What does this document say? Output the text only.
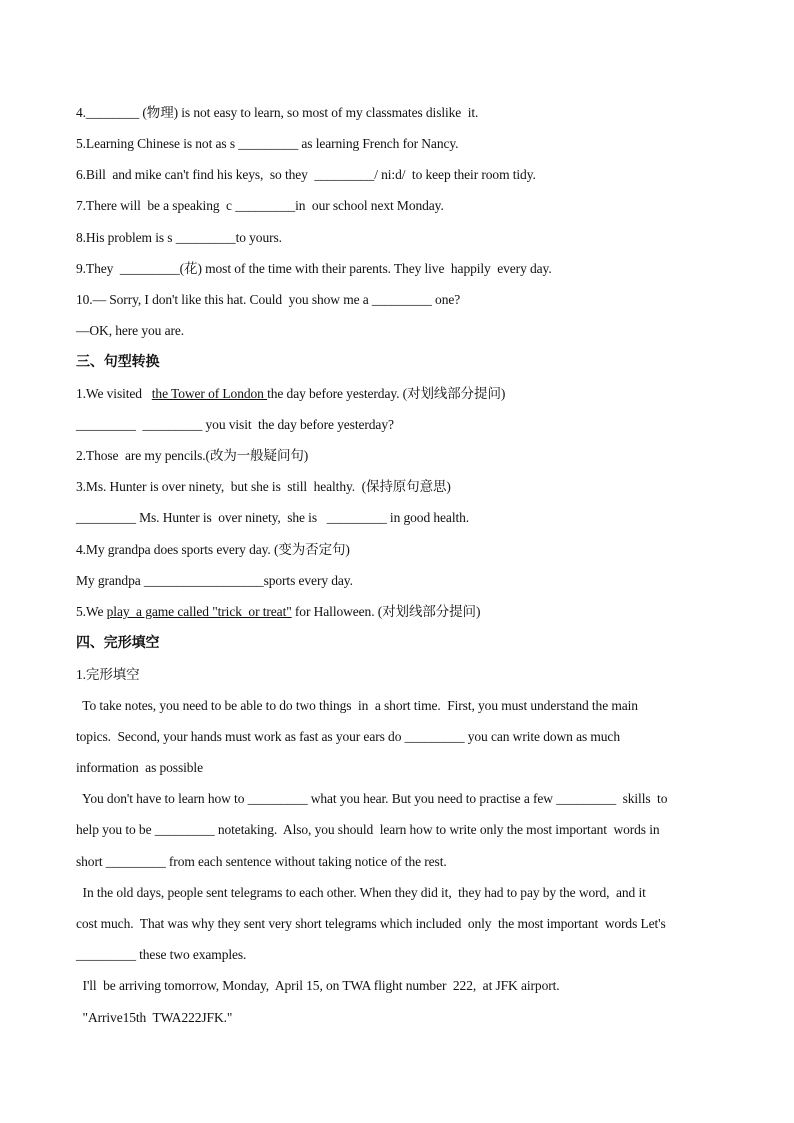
4.________ (物理) is not easy to learn, so most of my classmates dislike  it.
5.Learning Chinese is not as s _________ as learning French for Nancy.
6.Bill  and mike can't find his keys,  so they  _________/ ni:d/  to keep their room tidy.
7.There will  be a speaking  c _________in  our school next Monday.
8.His problem is s _________to yours.
9.They  _________(花) most of the time with their parents. They live  happily  every day.
10.— Sorry, I don't like this hat. Could  you show me a _________ one?
—OK, here you are.
三、句型转换
1.We visited   the Tower of London the day before yesterday. (对划线部分提问)
_________  _________ you visit  the day before yesterday?
2.Those  are my pencils.(改为一般疑问句)
3.Ms. Hunter is over ninety,  but she is  still  healthy.  (保持原句意思)
_________ Ms. Hunter is  over ninety,  she is   _________ in good health.
4.My grandpa does sports every day. (变为否定句)
My grandpa __________________sports every day.
5.We play  a game called "trick  or treat" for Halloween. (对划线部分提问)
四、完形填空
1.完形填空
To take notes, you need to be able to do two things  in  a short time.  First, you must understand the main
topics.  Second, your hands must work as fast as your ears do _________ you can write down as much
information  as possible
You don't have to learn how to _________ what you hear. But you need to practise a few _________  skills  to
help you to be _________ notetaking.  Also, you should  learn how to write only the most important  words in
short _________ from each sentence without taking notice of the rest.
In the old days, people sent telegrams to each other. When they did it,  they had to pay by the word,  and it
cost much.  That was why they sent very short telegrams which included  only  the most important  words Let's
_________ these two examples.
I'll  be arriving tomorrow, Monday,  April 15, on TWA flight number  222,  at JFK airport.
"Arrive15th  TWA222JFK."
